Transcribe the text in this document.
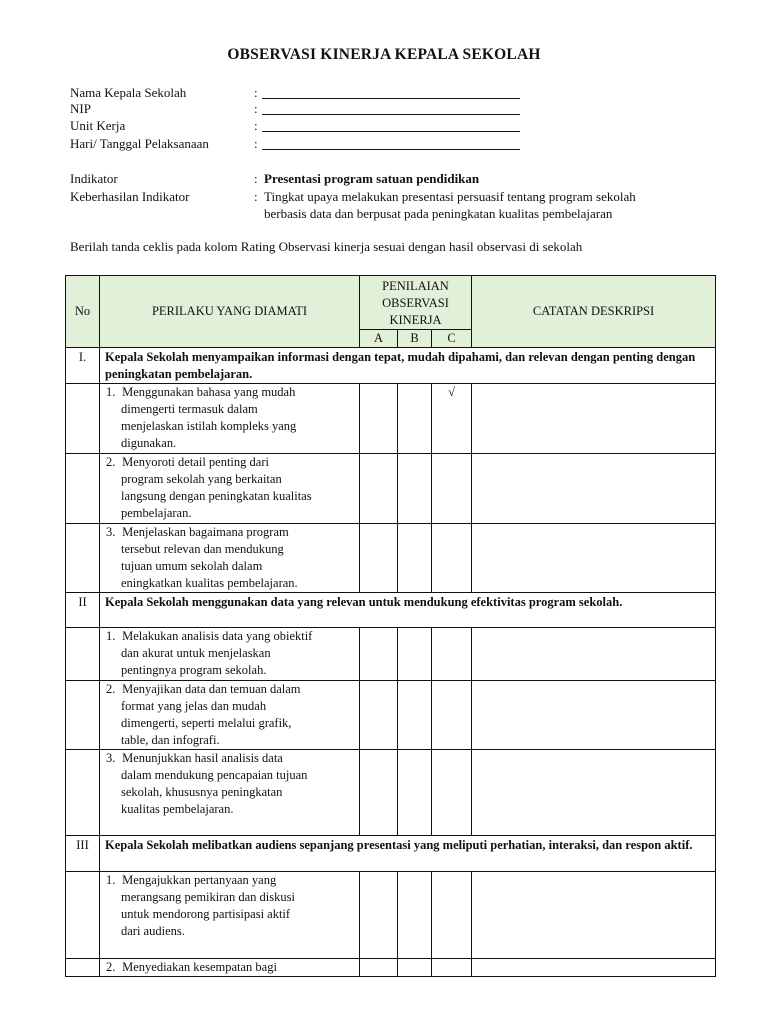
OBSERVASI KINERJA KEPALA SEKOLAH
Nama Kepala Sekolah	:
NIP	:
Unit Kerja	:
Hari/ Tanggal Pelaksanaan	:
Indikator	: Presentasi program satuan pendidikan
Keberhasilan Indikator	: Tingkat upaya melakukan presentasi persuasif tentang program sekolah
berbasis data dan berpusat pada peningkatan kualitas pembelajaran
Berilah tanda ceklis pada kolom Rating Observasi kinerja sesuai dengan hasil observasi di sekolah
No	PERILAKU YANG DIAMATI	PENILAIAN
OBSERVASI
KINERJA			CATATAN DESKRIPSI
		A	B	C	
I.	Kepala Sekolah menyampaikan informasi dengan tepat, mudah dipahami, dan relevan dengan penting dengan peningkatan pembelajaran.				

	1. Menggunakan bahasa yang mudah
dimengerti termasuk dalam
menjelaskan istilah kompleks yang
digunakan.			√	

	2. Menyoroti detail penting dari
program sekolah yang berkaitan
langsung dengan peningkatan kualitas
pembelajaran.				

	3. Menjelaskan bagaimana program
tersebut relevan dan mendukung
tujuan umum sekolah dalam
eningkatkan kualitas pembelajaran.				

II	Kepala Sekolah menggunakan data yang relevan untuk mendukung efektivitas program sekolah.				

	1. Melakukan analisis data yang obiektif
dan akurat untuk menjelaskan
pentingnya program sekolah.				

	2. Menyajikan data dan temuan dalam
format yang jelas dan mudah
dimengerti, seperti melalui grafik,
table, dan infografi.				

	3. Menunjukkan hasil analisis data
dalam mendukung pencapaian tujuan
sekolah, khususnya peningkatan
kualitas pembelajaran.				

III	Kepala Sekolah melibatkan audiens sepanjang presentasi yang meliputi perhatian, interaksi, dan respon aktif.				

	1. Mengajukkan pertanyaan yang
merangsang pemikiran dan diskusi
untuk mendorong partisipasi aktif
dari audiens.				

	2. Menyediakan kesempatan bagi				
